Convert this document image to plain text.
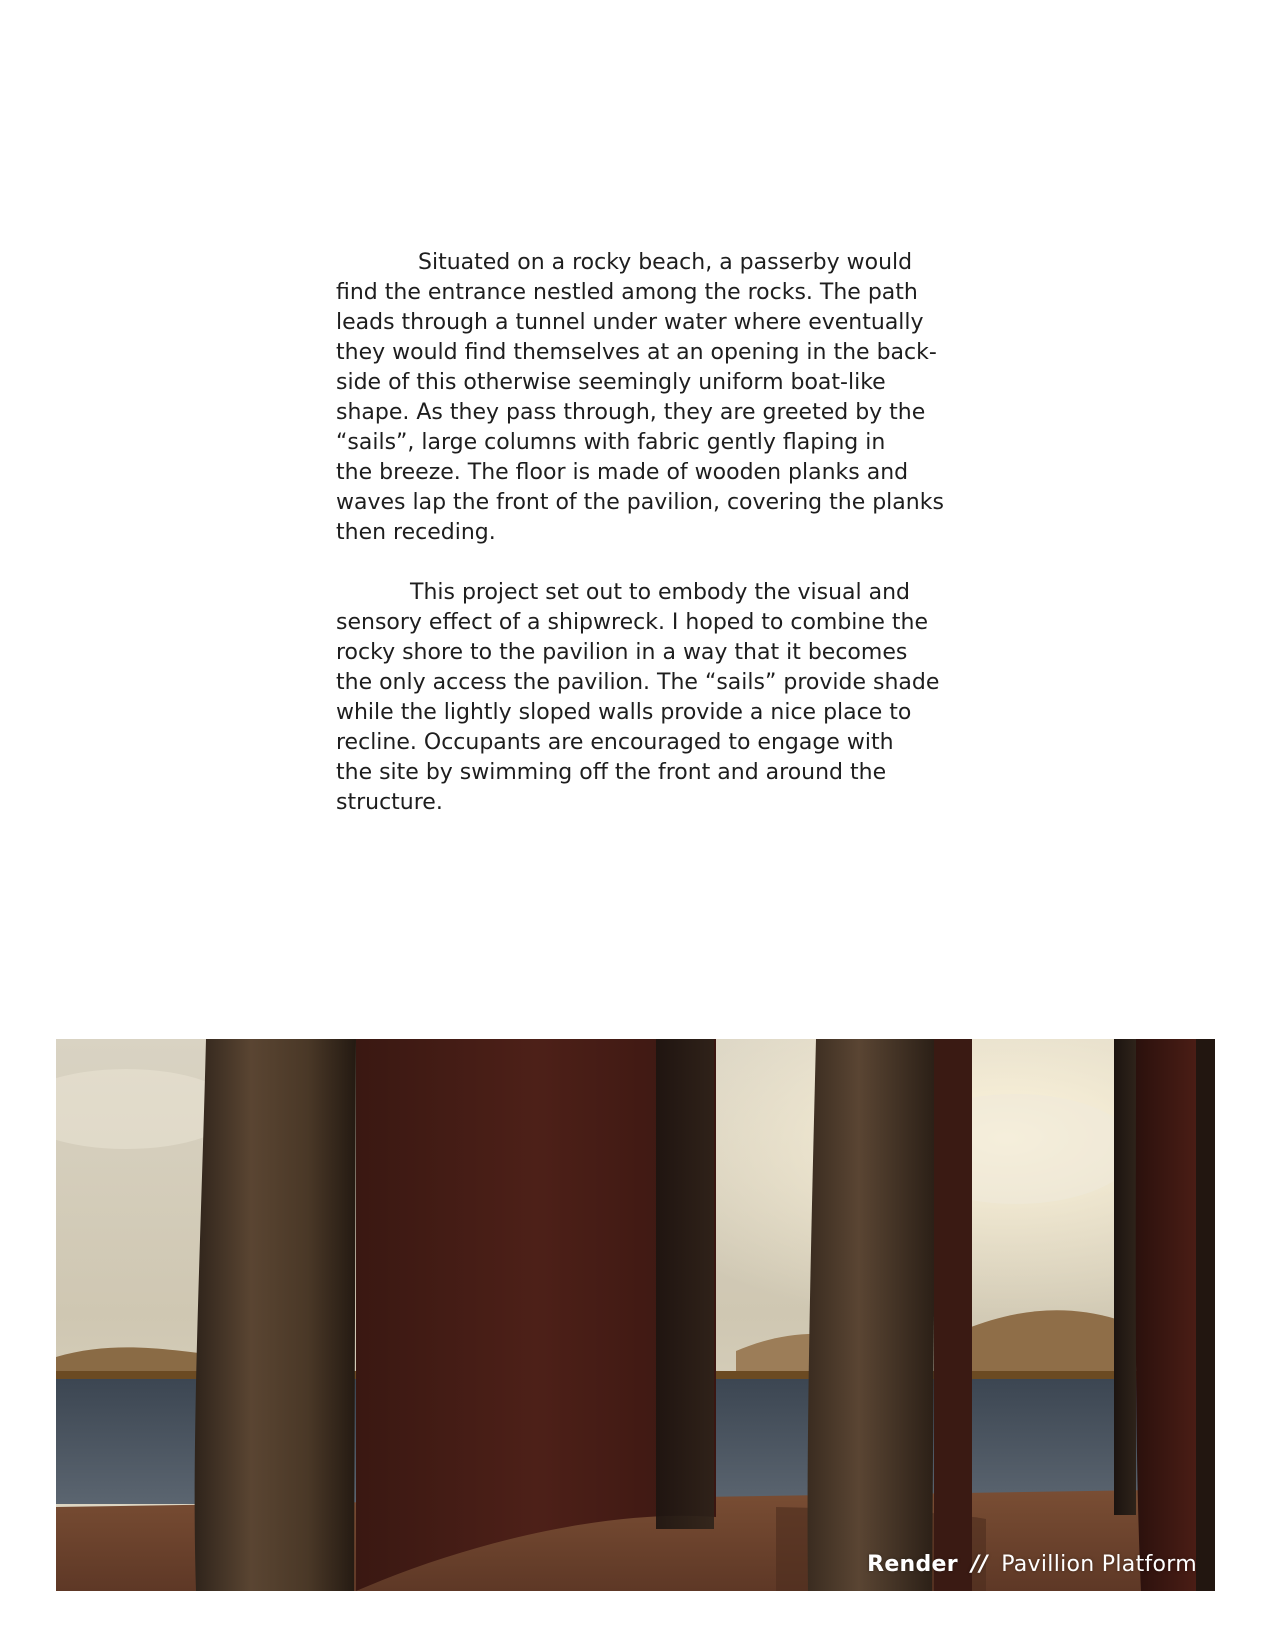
Situated on a rocky beach, a passerby would
find the entrance nestled among the rocks. The path
leads through a tunnel under water where eventually
they would find themselves at an opening in the back-
side of this otherwise seemingly uniform boat-like
shape. As they pass through, they are greeted by the
“sails”, large columns with fabric gently flaping in
the breeze. The floor is made of wooden planks and
waves lap the front of the pavilion, covering the planks
then receding.

This project set out to embody the visual and
sensory effect of a shipwreck. I hoped to combine the
rocky shore to the pavilion in a way that it becomes
the only access the pavilion. The “sails” provide shade
while the lightly sloped walls provide a nice place to
recline. Occupants are encouraged to engage with
the site by swimming off the front and around the
structure.

Render // Pavillion Platform
